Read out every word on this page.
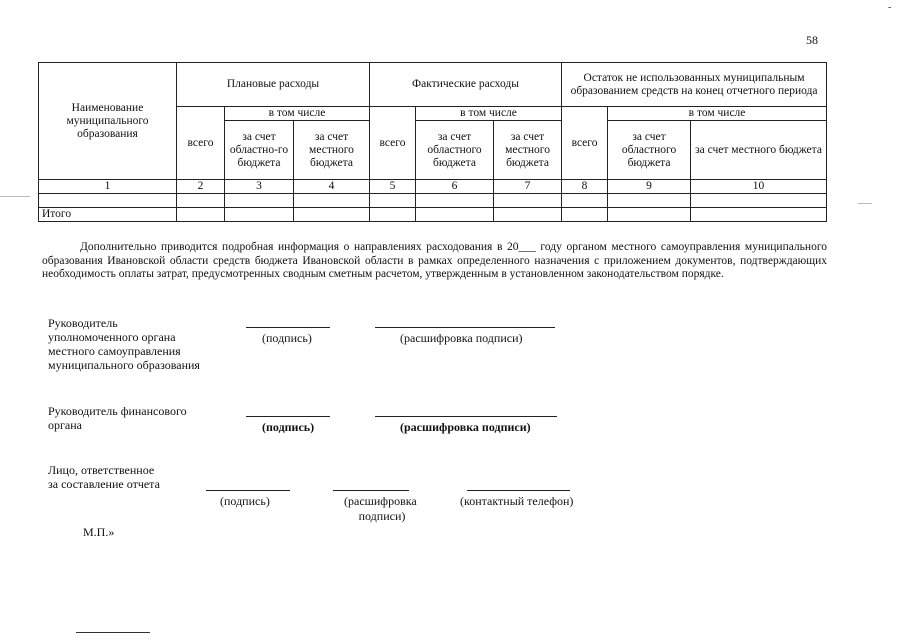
58
-
Наименование муниципального образования	Плановые расходы			Фактические расходы			Остаток не использованных муниципальным образованием средств на конец отчетного периода		
	всего	в том числе		всего	в том числе		всего	в том числе	
		за счет областно-го бюджета	за счет местного бюджета		за счет областного бюджета	за счет местного бюджета		за счет областного бюджета	за счет местного бюджета
1	2	3	4	5	6	7	8	9	10

Итого									
Дополнительно приводится подробная информация о направлениях расходования в 20___ году органом местного самоуправления муниципального образования Ивановской области средств бюджета Ивановской области в рамках определенного назначения с приложением документов, подтверждающих необходимость оплаты затрат, предусмотренных сводным сметным расчетом, утвержденным в установленном законодательством порядке.
Руководитель
уполномоченного органа
местного самоуправления
муниципального образования
(подпись)	(расшифровка подписи)
Руководитель финансового
органа	(подпись)	(расшифровка подписи)
Лицо, ответственное
за составление отчета
(подпись)	(расшифровка
подписи)
(контактный телефон)
М.П.»
